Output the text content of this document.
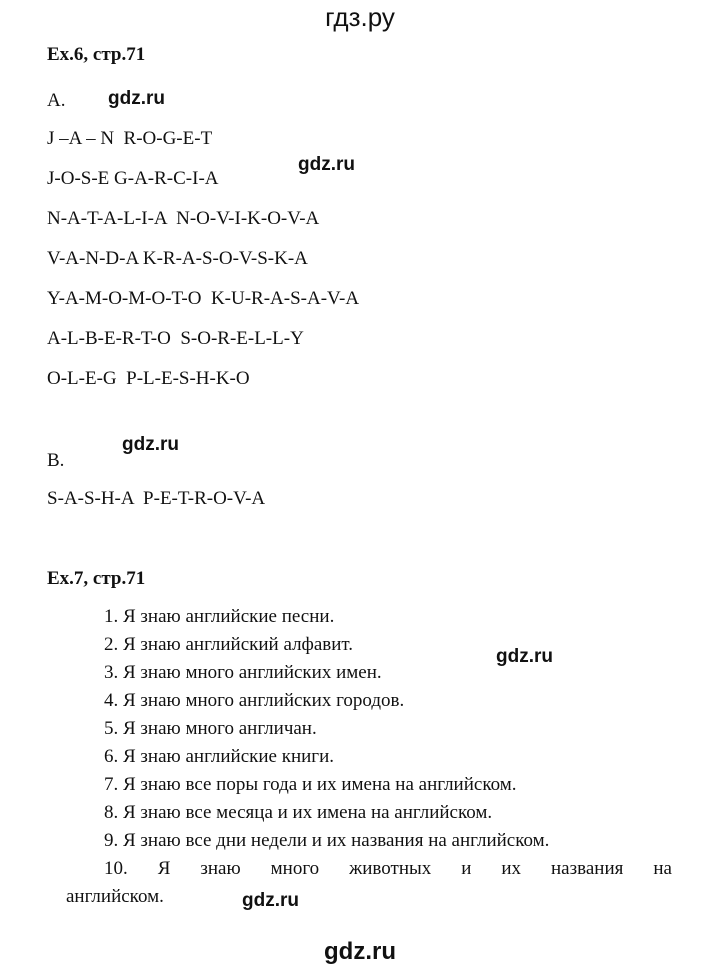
гдз.ру
Ex.6, стр.71
A. gdz.ru
J –A – N  R-O-G-E-T
J-O-S-E G-A-R-C-I-A
gdz.ru
N-A-T-A-L-I-A  N-O-V-I-K-O-V-A
V-A-N-D-A K-R-A-S-O-V-S-K-A
Y-A-M-O-M-O-T-O  K-U-R-A-S-A-V-A
A-L-B-E-R-T-O  S-O-R-E-L-L-Y
O-L-E-G  P-L-E-S-H-K-O
gdz.ru
B.
S-A-S-H-A  P-E-T-R-O-V-A
Ex.7, стр.71
1. Я знаю английские песни.
2. Я знаю английский алфавит.
gdz.ru
3. Я знаю много английских имен.
4. Я знаю много английских городов.
5. Я знаю много англичан.
6. Я знаю английские книги.
7. Я знаю все поры года и их имена на английском.
8. Я знаю все месяца и их имена на английском.
9. Я знаю все дни недели и их названия на английском.
10. Я знаю много животных и их названия на
английском.	gdz.ru
gdz.ru
